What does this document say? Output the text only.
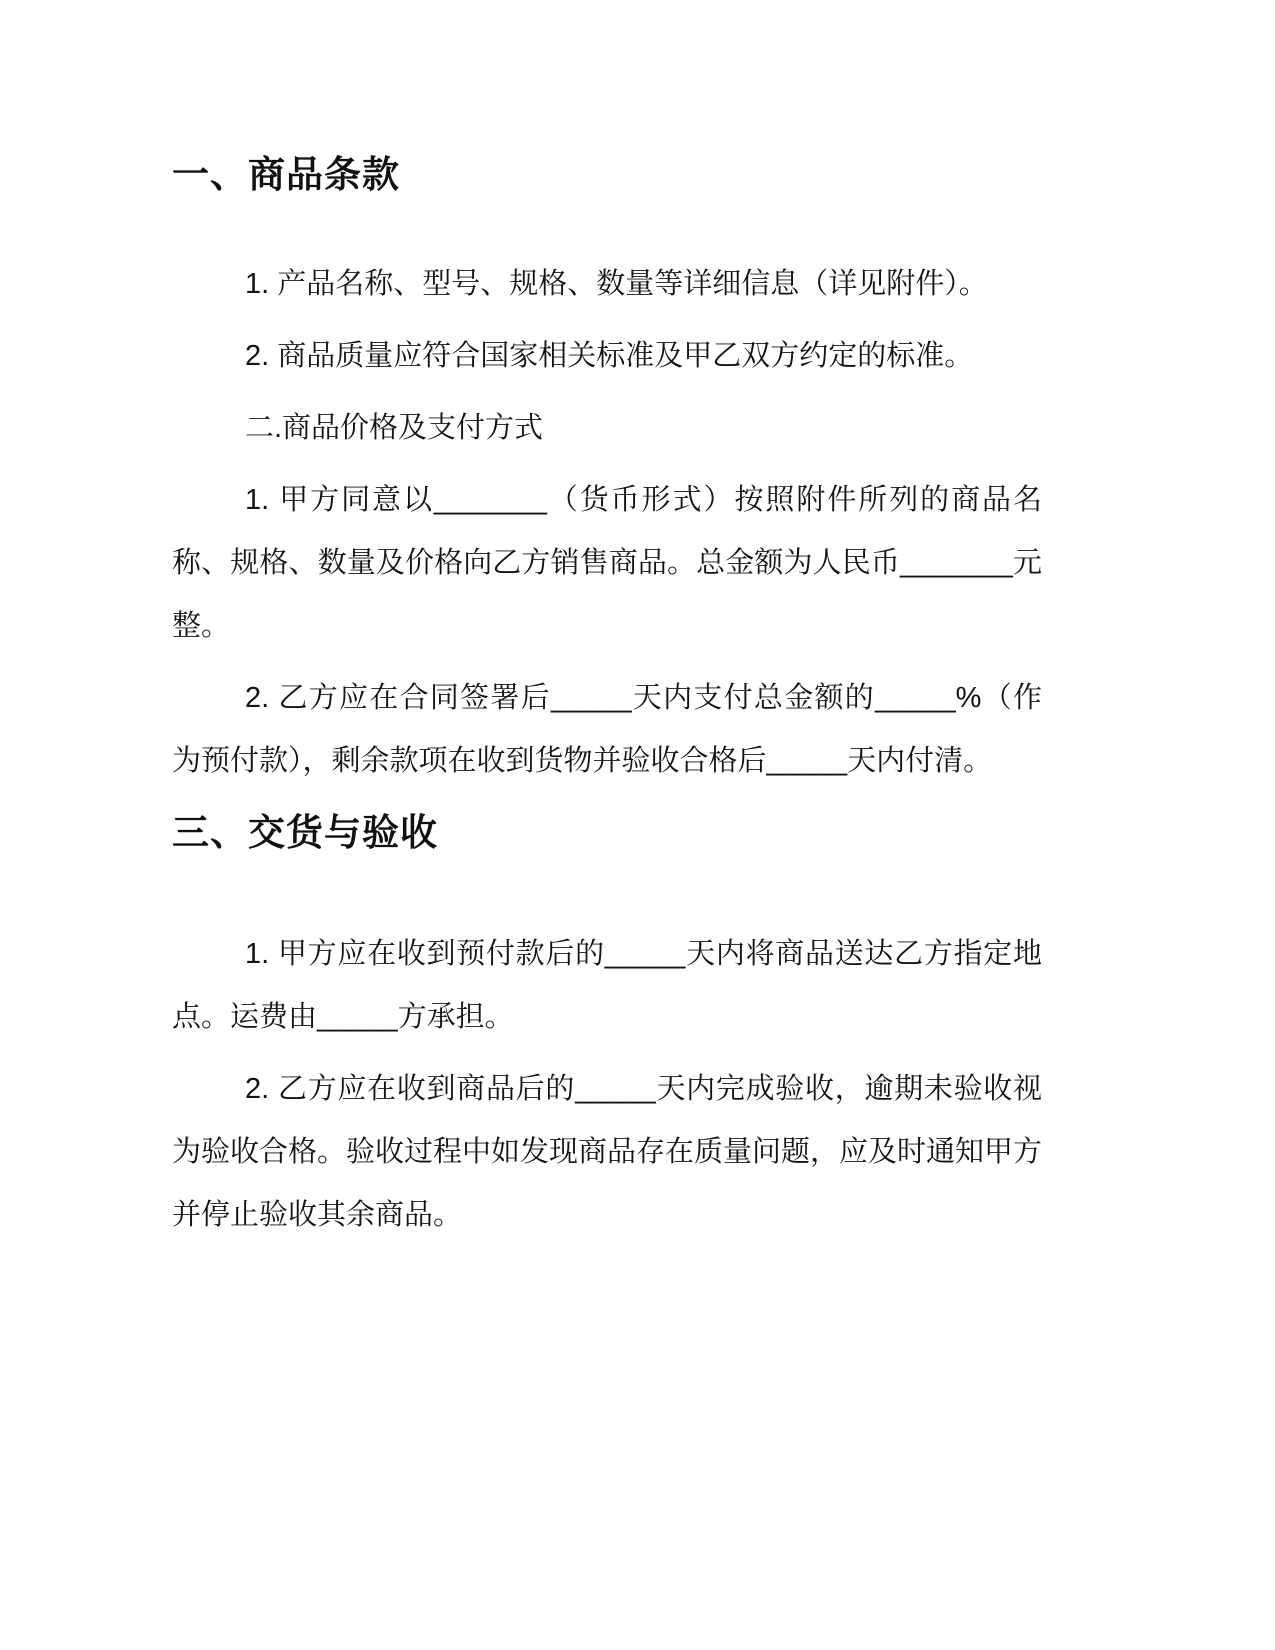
一、商品条款

1. 产品名称、型号、规格、数量等详细信息（详见附件）。

2. 商品质量应符合国家相关标准及甲乙双方约定的标准。

二.商品价格及支付方式

1. 甲方同意以_______（货币形式）按照附件所列的商品名称、规格、数量及价格向乙方销售商品。总金额为人民币_______元整。

2. 乙方应在合同签署后_____天内支付总金额的_____%（作为预付款），剩余款项在收到货物并验收合格后_____天内付清。

三、交货与验收

1. 甲方应在收到预付款后的_____天内将商品送达乙方指定地点。运费由_____方承担。

2. 乙方应在收到商品后的_____天内完成验收，逾期未验收视为验收合格。验收过程中如发现商品存在质量问题，应及时通知甲方并停止验收其余商品。
